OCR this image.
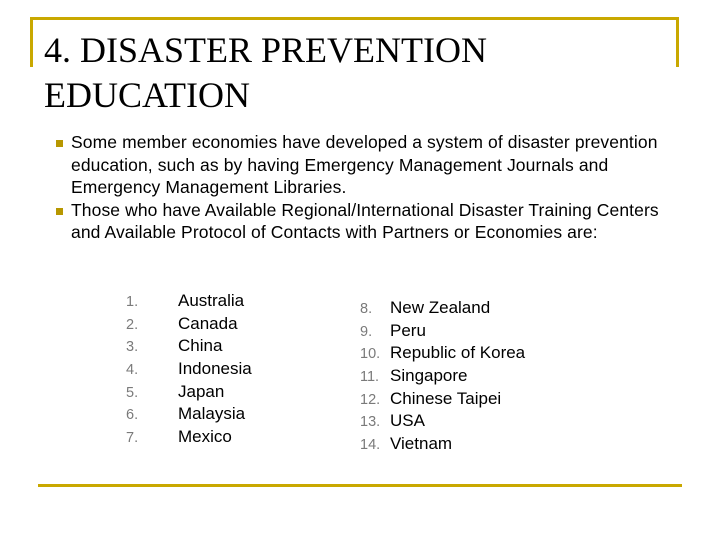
4. DISASTER PREVENTION EDUCATION
Some member economies have developed a system of disaster prevention education, such as by having Emergency Management Journals and Emergency Management Libraries.
Those who have Available Regional/International Disaster Training Centers and Available Protocol of Contacts with Partners or Economies are:
1.	Australia
2.	Canada
3.	China
4.	Indonesia
5.	Japan
6.	Malaysia
7.	Mexico
8.	New Zealand
9.	Peru
10. Republic of Korea
11. Singapore
12. Chinese Taipei
13. USA
14. Vietnam
